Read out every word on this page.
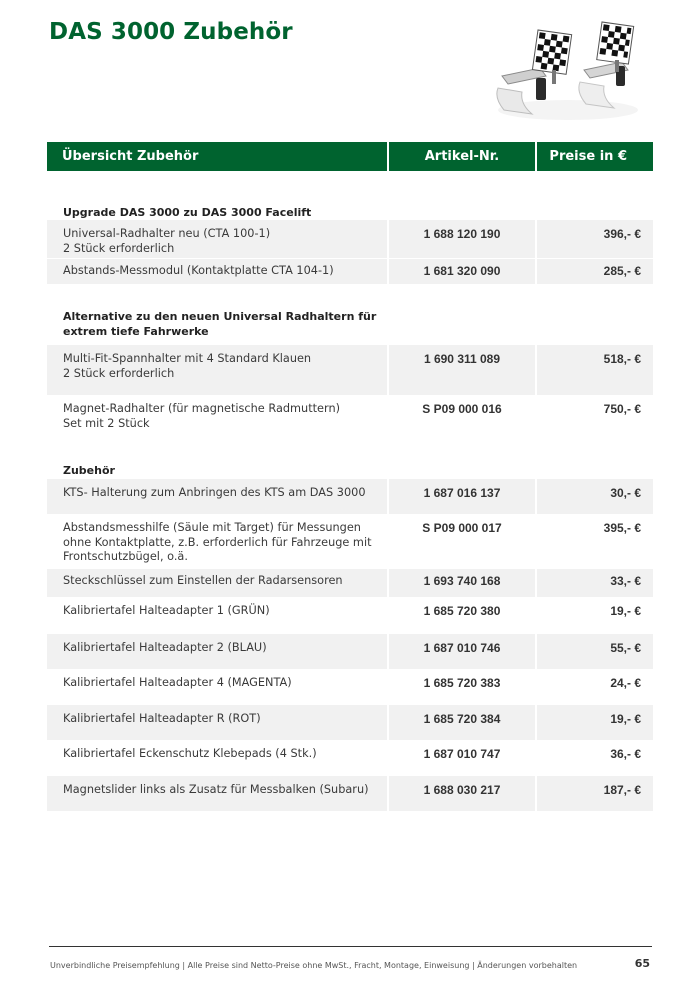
DAS 3000 Zubehör
Übersicht Zubehör	Artikel-Nr.	Preise in €
Upgrade DAS 3000 zu DAS 3000 Facelift
Universal-Radhalter neu (CTA 100-1)
2 Stück erforderlich
1 688 120 190	396,- €
Abstands-Messmodul (Kontaktplatte CTA 104-1)	1 681 320 090	285,- €
Alternative zu den neuen Universal Radhaltern für extrem tiefe Fahrwerke
Multi-Fit-Spannhalter mit 4 Standard Klauen
2 Stück erforderlich
1 690 311 089	518,- €
Magnet-Radhalter (für magnetische Radmuttern)
Set mit 2 Stück
S P09 000 016	750,- €
Zubehör
KTS- Halterung zum Anbringen des KTS am DAS 3000	1 687 016 137	30,- €
Abstandsmesshilfe (Säule mit Target) für Messungen
ohne Kontaktplatte, z.B. erforderlich für Fahrzeuge mit
Frontschutzbügel, o.ä.
S P09 000 017	395,- €
Steckschlüssel zum Einstellen der Radarsensoren	1 693 740 168	33,- €
Kalibriertafel Halteadapter 1 (GRÜN)	1 685 720 380	19,- €
Kalibriertafel Halteadapter 2 (BLAU)	1 687 010 746	55,- €
Kalibriertafel Halteadapter 4 (MAGENTA)	1 685 720 383	24,- €
Kalibriertafel Halteadapter R (ROT)	1 685 720 384	19,- €
Kalibriertafel Eckenschutz Klebepads (4 Stk.)	1 687 010 747	36,- €
Magnetslider links als Zusatz für Messbalken (Subaru)	1 688 030 217	187,- €
Unverbindliche Preisempfehlung | Alle Preise sind Netto-Preise ohne MwSt., Fracht, Montage, Einweisung | Änderungen vorbehalten	65
